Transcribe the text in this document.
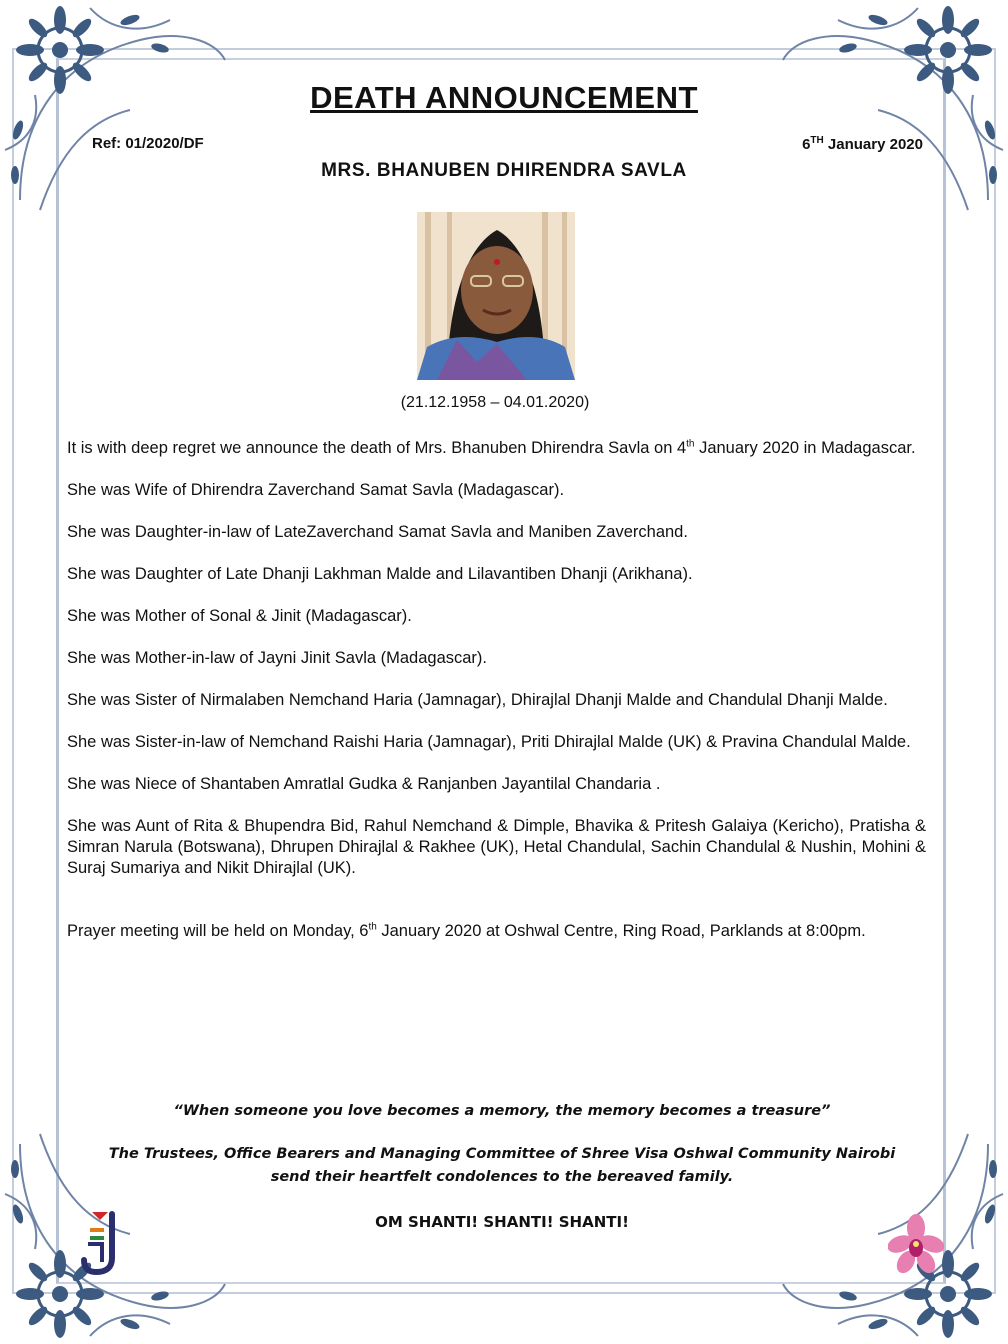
DEATH ANNOUNCEMENT
Ref: 01/2020/DF	6TH January 2020
MRS. BHANUBEN DHIRENDRA SAVLA
(21.12.1958 – 04.01.2020)

It is with deep regret we announce the death of Mrs. Bhanuben Dhirendra Savla on 4th January 2020 in Madagascar.

She was Wife of Dhirendra Zaverchand Samat Savla (Madagascar).

She was Daughter-in-law of LateZaverchand Samat Savla and Maniben Zaverchand.

She was Daughter of Late Dhanji Lakhman Malde and Lilavantiben Dhanji (Arikhana).

She was Mother of Sonal & Jinit (Madagascar).

She was Mother-in-law of Jayni Jinit Savla (Madagascar).

She was Sister of Nirmalaben Nemchand Haria (Jamnagar), Dhirajlal Dhanji Malde and Chandulal Dhanji Malde.

She was Sister-in-law of Nemchand Raishi Haria (Jamnagar), Priti Dhirajlal Malde (UK) & Pravina Chandulal Malde.

She was Niece of Shantaben Amratlal Gudka & Ranjanben Jayantilal Chandaria .

She was Aunt of Rita & Bhupendra Bid, Rahul Nemchand & Dimple, Bhavika & Pritesh Galaiya (Kericho), Pratisha & Simran Narula (Botswana), Dhrupen Dhirajlal & Rakhee (UK), Hetal Chandulal, Sachin Chandulal & Nushin, Mohini & Suraj Sumariya and Nikit Dhirajlal (UK).

Prayer meeting will be held on Monday, 6th January 2020 at Oshwal Centre, Ring Road, Parklands at 8:00pm.

“When someone you love becomes a memory, the memory becomes a treasure”
The Trustees, Office Bearers and Managing Committee of Shree Visa Oshwal Community Nairobi
send their heartfelt condolences to the bereaved family.
OM SHANTI! SHANTI! SHANTI!
